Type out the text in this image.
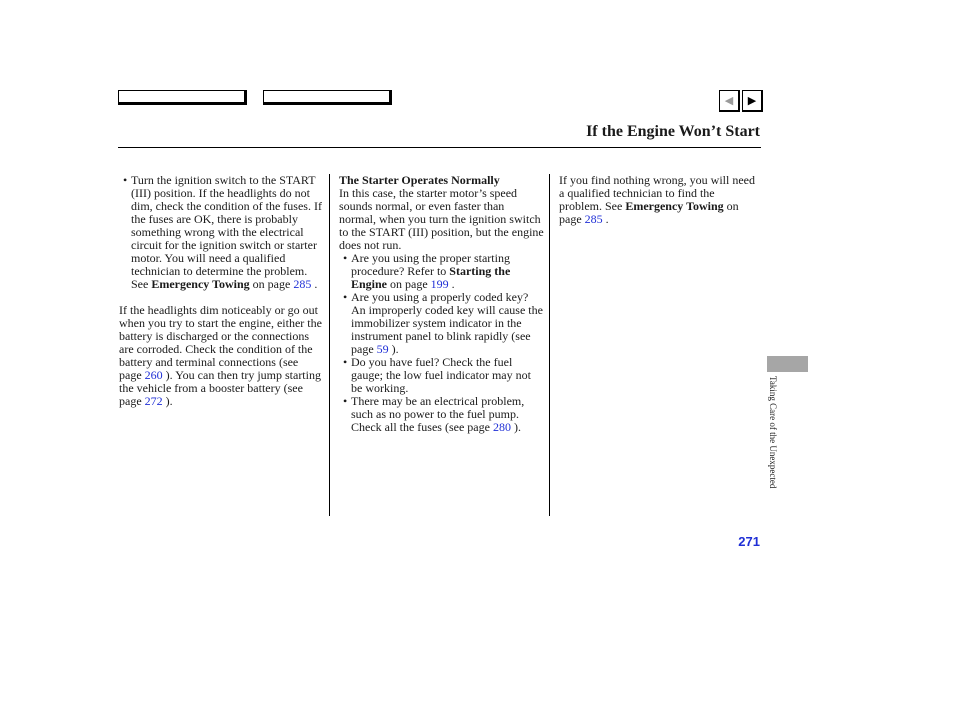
◀	▶
If the Engine Won’t Start

• Turn the ignition switch to the START (III) position. If the headlights do not dim, check the condition of the fuses. If the fuses are OK, there is probably something wrong with the electrical circuit for the ignition switch or starter motor. You will need a qualified technician to determine the problem. See Emergency Towing on page 285 .

If the headlights dim noticeably or go out when you try to start the engine, either the battery is discharged or the connections are corroded. Check the condition of the battery and terminal connections (see page 260 ). You can then try jump starting the vehicle from a booster battery (see page 272 ).

The Starter Operates Normally

In this case, the starter motor’s speed sounds normal, or even faster than normal, when you turn the ignition switch to the START (III) position, but the engine does not run.

• Are you using the proper starting procedure? Refer to Starting the Engine on page 199 .

• Are you using a properly coded key? An improperly coded key will cause the immobilizer system indicator in the instrument panel to blink rapidly (see page 59 ).

• Do you have fuel? Check the fuel gauge; the low fuel indicator may not be working.

• There may be an electrical problem, such as no power to the fuel pump. Check all the fuses (see page 280 ).

If you find nothing wrong, you will need a qualified technician to find the problem. See Emergency Towing on page 285 .

Taking Care of the Unexpected
271
